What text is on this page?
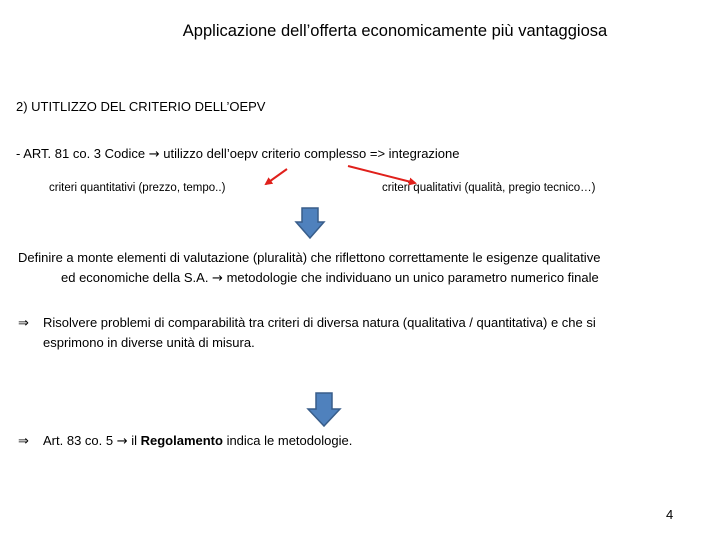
Applicazione dell’offerta economicamente più vantaggiosa
2) UTITLIZZO DEL CRITERIO DELL’OEPV
- ART. 81 co. 3 Codice → utilizzo dell’oepv criterio complesso => integrazione
criteri quantitativi (prezzo, tempo..)	criteri qualitativi (qualità, pregio tecnico…)
Definire a monte elementi di valutazione (pluralità) che riflettono correttamente le esigenze qualitative
ed economiche della S.A. → metodologie che individuano un unico parametro numerico finale
⇒ Risolvere problemi di comparabilità tra criteri di diversa natura (qualitativa / quantitativa) e che si
esprimono in diverse unità di misura.
⇒ Art. 83 co. 5 → il Regolamento indica le metodologie.
4
